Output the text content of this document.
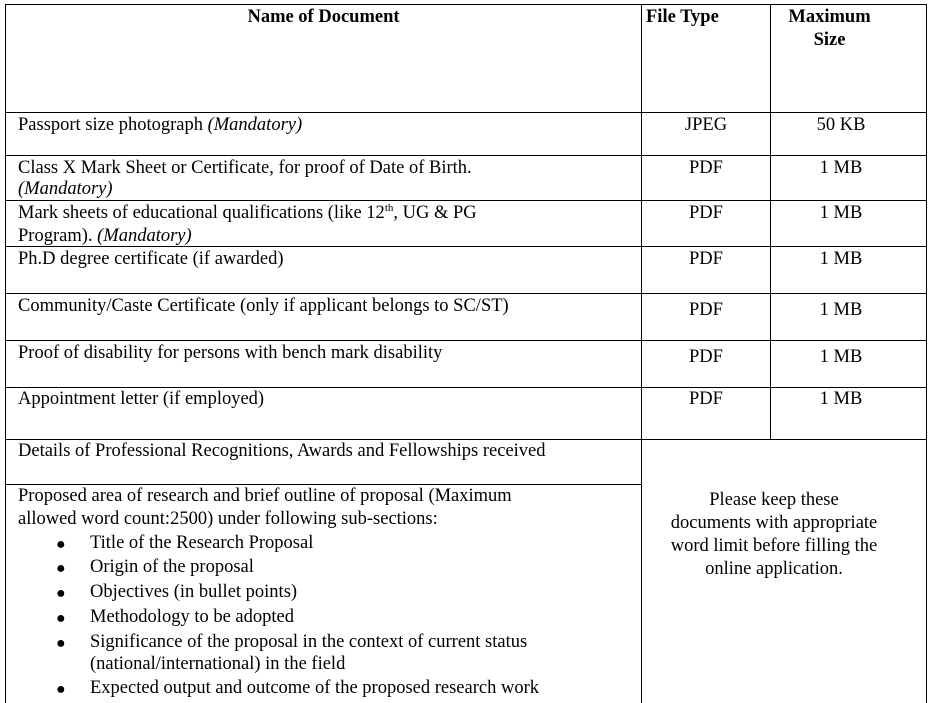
Name of Document	File Type	Maximum
Size
Passport size photograph (Mandatory)	JPEG	50 KB
Class X Mark Sheet or Certificate, for proof of Date of Birth.
(Mandatory)
PDF	1 MB
Mark sheets of educational qualifications (like 12th, UG & PG
Program). (Mandatory)
PDF	1 MB
Ph.D degree certificate (if awarded)	PDF	1 MB
Community/Caste Certificate (only if applicant belongs to SC/ST)	PDF	1 MB
Proof of disability for persons with bench mark disability	PDF	1 MB
Appointment letter (if employed)	PDF	1 MB
Details of Professional Recognitions, Awards and Fellowships received
Proposed area of research and brief outline of proposal (Maximum
allowed word count:2500) under following sub-sections:
● Title of the Research Proposal
● Origin of the proposal
● Objectives (in bullet points)
● Methodology to be adopted
● Significance of the proposal in the context of current status
(national/international) in the field
● Expected output and outcome of the proposed research work
Please keep these
documents with appropriate
word limit before filling the
online application.
